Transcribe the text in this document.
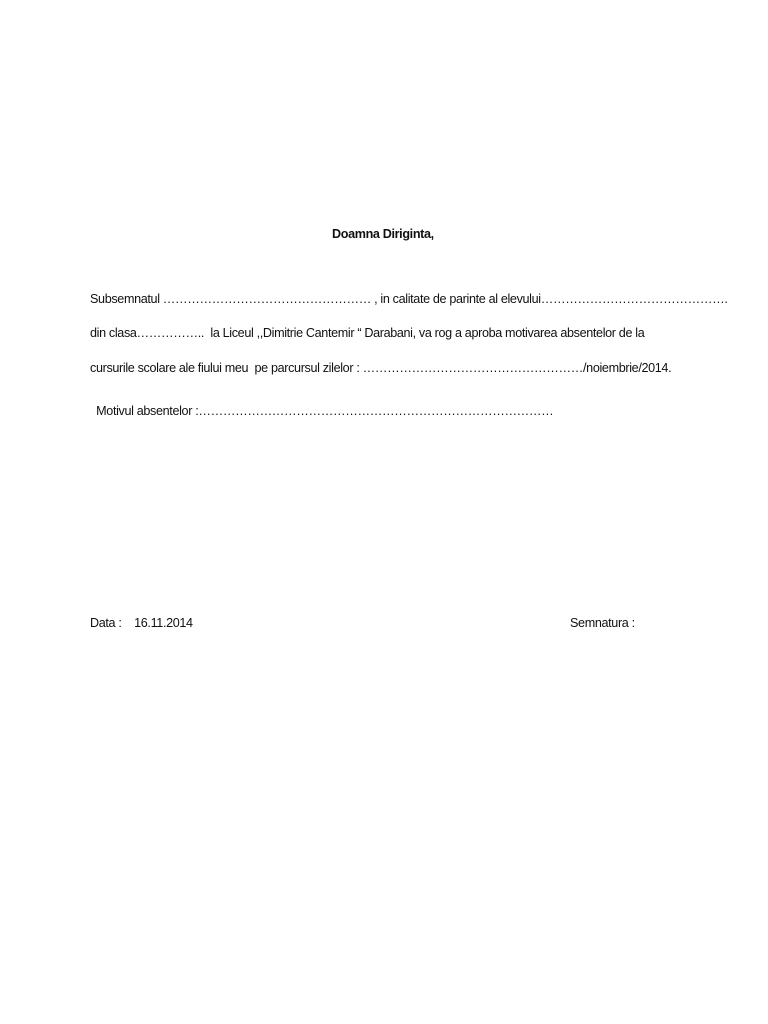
Doamna Diriginta,
Subsemnatul …………………………………………… , in calitate de parinte al elevului……………………………………….
din clasa……………..  la Liceul ,,Dimitrie Cantemir “ Darabani, va rog a aproba motivarea absentelor de la
cursurile scolare ale fiului meu  pe parcursul zilelor : ………………………………………………/noiembrie/2014.
Motivul absentelor :……………………………………………………………………………
Data : 16.11.2014	Semnatura :
